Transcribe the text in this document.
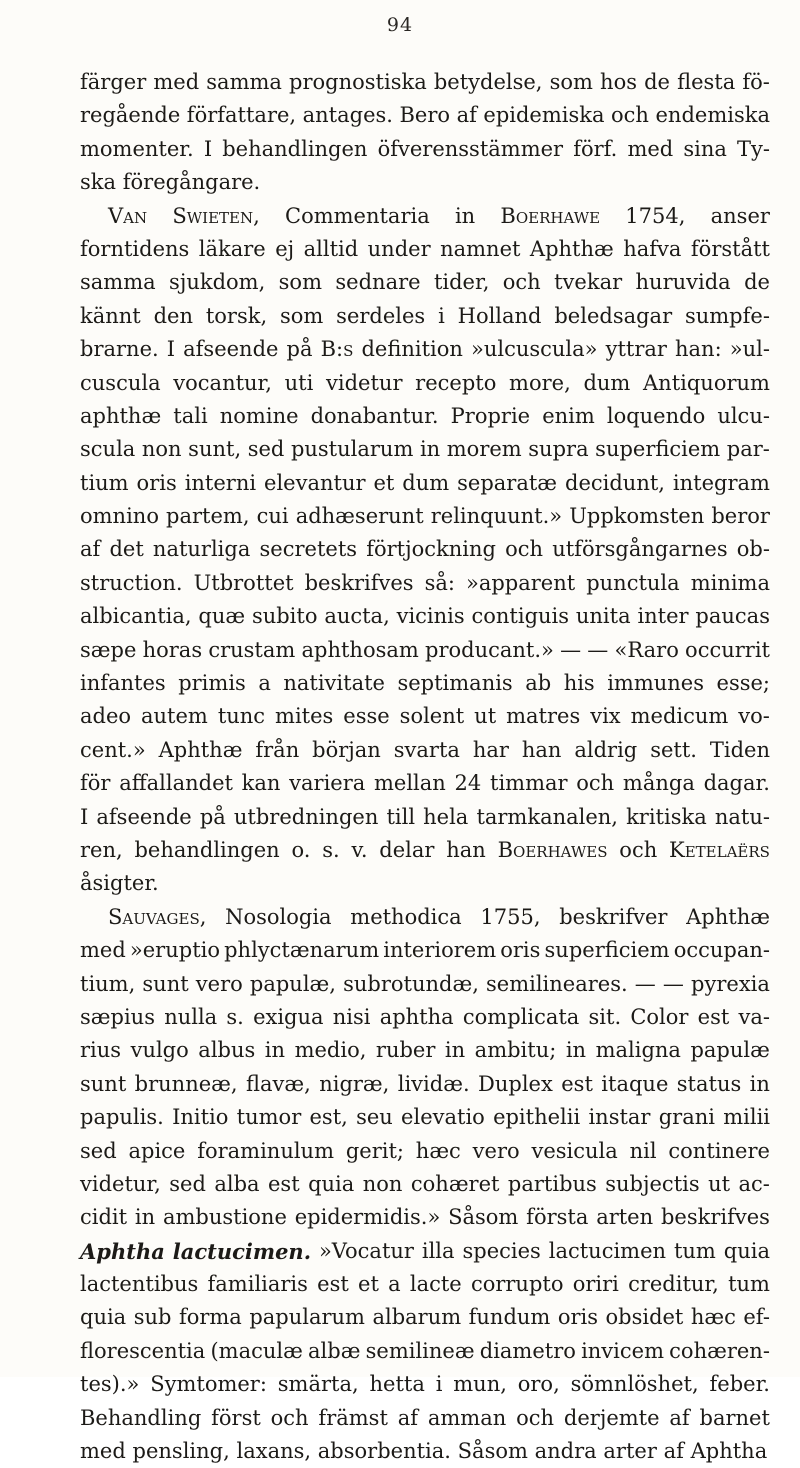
94
färger med samma prognostiska betydelse, som hos de flesta fö-
regående författare, antages. Bero af epidemiska och endemiska
momenter. I behandlingen öfverensstämmer förf. med sina Ty-
ska föregångare.
Van Swieten, Commentaria in Boerhawe 1754, anser
forntidens läkare ej alltid under namnet Aphthæ hafva förstått
samma sjukdom, som sednare tider, och tvekar huruvida de
kännt den torsk, som serdeles i Holland beledsagar sumpfe-
brarne. I afseende på B:s definition »ulcuscula» yttrar han: »ul-
cuscula vocantur, uti videtur recepto more, dum Antiquorum
aphthæ tali nomine donabantur. Proprie enim loquendo ulcu-
scula non sunt, sed pustularum in morem supra superficiem par-
tium oris interni elevantur et dum separatæ decidunt, integram
omnino partem, cui adhæserunt relinquunt.» Uppkomsten beror
af det naturliga secretets förtjockning och utförsgångarnes ob-
struction. Utbrottet beskrifves så: »apparent punctula minima
albicantia, quæ subito aucta, vicinis contiguis unita inter paucas
sæpe horas crustam aphthosam producant.» — — «Raro occurrit
infantes primis a nativitate septimanis ab his immunes esse;
adeo autem tunc mites esse solent ut matres vix medicum vo-
cent.» Aphthæ från början svarta har han aldrig sett. Tiden
för affallandet kan variera mellan 24 timmar och många dagar.
I afseende på utbredningen till hela tarmkanalen, kritiska natu-
ren, behandlingen o. s. v. delar han Boerhawes och Ketelaërs
åsigter.
Sauvages, Nosologia methodica 1755, beskrifver Aphthæ
med »eruptio phlyctænarum interiorem oris superficiem occupan-
tium, sunt vero papulæ, subrotundæ, semilineares. — — pyrexia
sæpius nulla s. exigua nisi aphtha complicata sit. Color est va-
rius vulgo albus in medio, ruber in ambitu; in maligna papulæ
sunt brunneæ, flavæ, nigræ, lividæ. Duplex est itaque status in
papulis. Initio tumor est, seu elevatio epithelii instar grani milii
sed apice foraminulum gerit; hæc vero vesicula nil continere
videtur, sed alba est quia non cohæret partibus subjectis ut ac-
cidit in ambustione epidermidis.» Såsom första arten beskrifves
Aphtha lactucimen. »Vocatur illa species lactucimen tum quia
lactentibus familiaris est et a lacte corrupto oriri creditur, tum
quia sub forma papularum albarum fundum oris obsidet hæc ef-
florescentia (maculæ albæ semilineæ diametro invicem cohæren-
tes).» Symtomer: smärta, hetta i mun, oro, sömnlöshet, feber.
Behandling först och främst af amman och derjemte af barnet
med pensling, laxans, absorbentia. Såsom andra arter af Aphtha
